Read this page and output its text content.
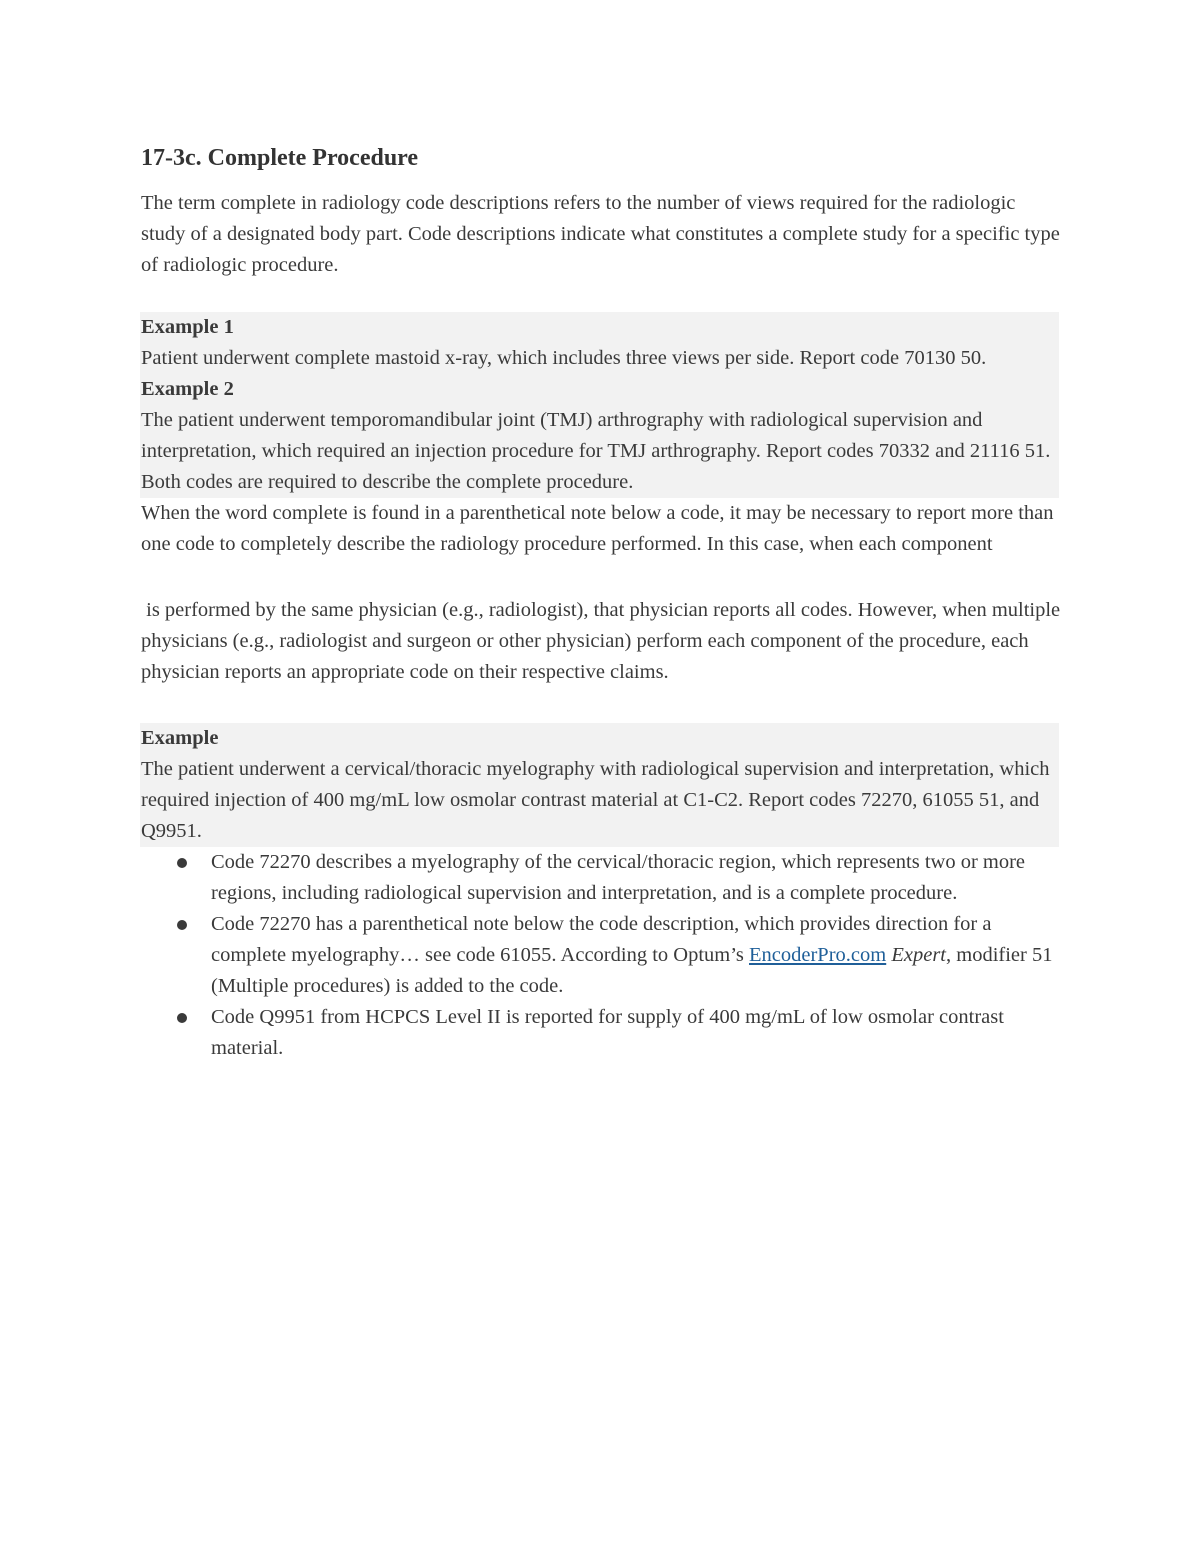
17-3c. Complete Procedure

The term complete in radiology code descriptions refers to the number of views required for the radiologic study of a designated body part. Code descriptions indicate what constitutes a complete study for a specific type of radiologic procedure.

Example 1

Patient underwent complete mastoid x-ray, which includes three views per side. Report code 70130 50.

Example 2

The patient underwent temporomandibular joint (TMJ) arthrography with radiological supervision and interpretation, which required an injection procedure for TMJ arthrography. Report codes 70332 and 21116 51. Both codes are required to describe the complete procedure.

When the word complete is found in a parenthetical note below a code, it may be necessary to report more than one code to completely describe the radiology procedure performed. In this case, when each component

is performed by the same physician (e.g., radiologist), that physician reports all codes. However, when multiple physicians (e.g., radiologist and surgeon or other physician) perform each component of the procedure, each physician reports an appropriate code on their respective claims.

Example

The patient underwent a cervical/thoracic myelography with radiological supervision and interpretation, which required injection of 400 mg/mL low osmolar contrast material at C1-C2. Report codes 72270, 61055 51, and Q9951.

Code 72270 describes a myelography of the cervical/thoracic region, which represents two or more regions, including radiological supervision and interpretation, and is a complete procedure.
Code 72270 has a parenthetical note below the code description, which provides direction for a complete myelography… see code 61055. According to Optum’s EncoderPro.com Expert, modifier 51 (Multiple procedures) is added to the code.
Code Q9951 from HCPCS Level II is reported for supply of 400 mg/mL of low osmolar contrast material.
